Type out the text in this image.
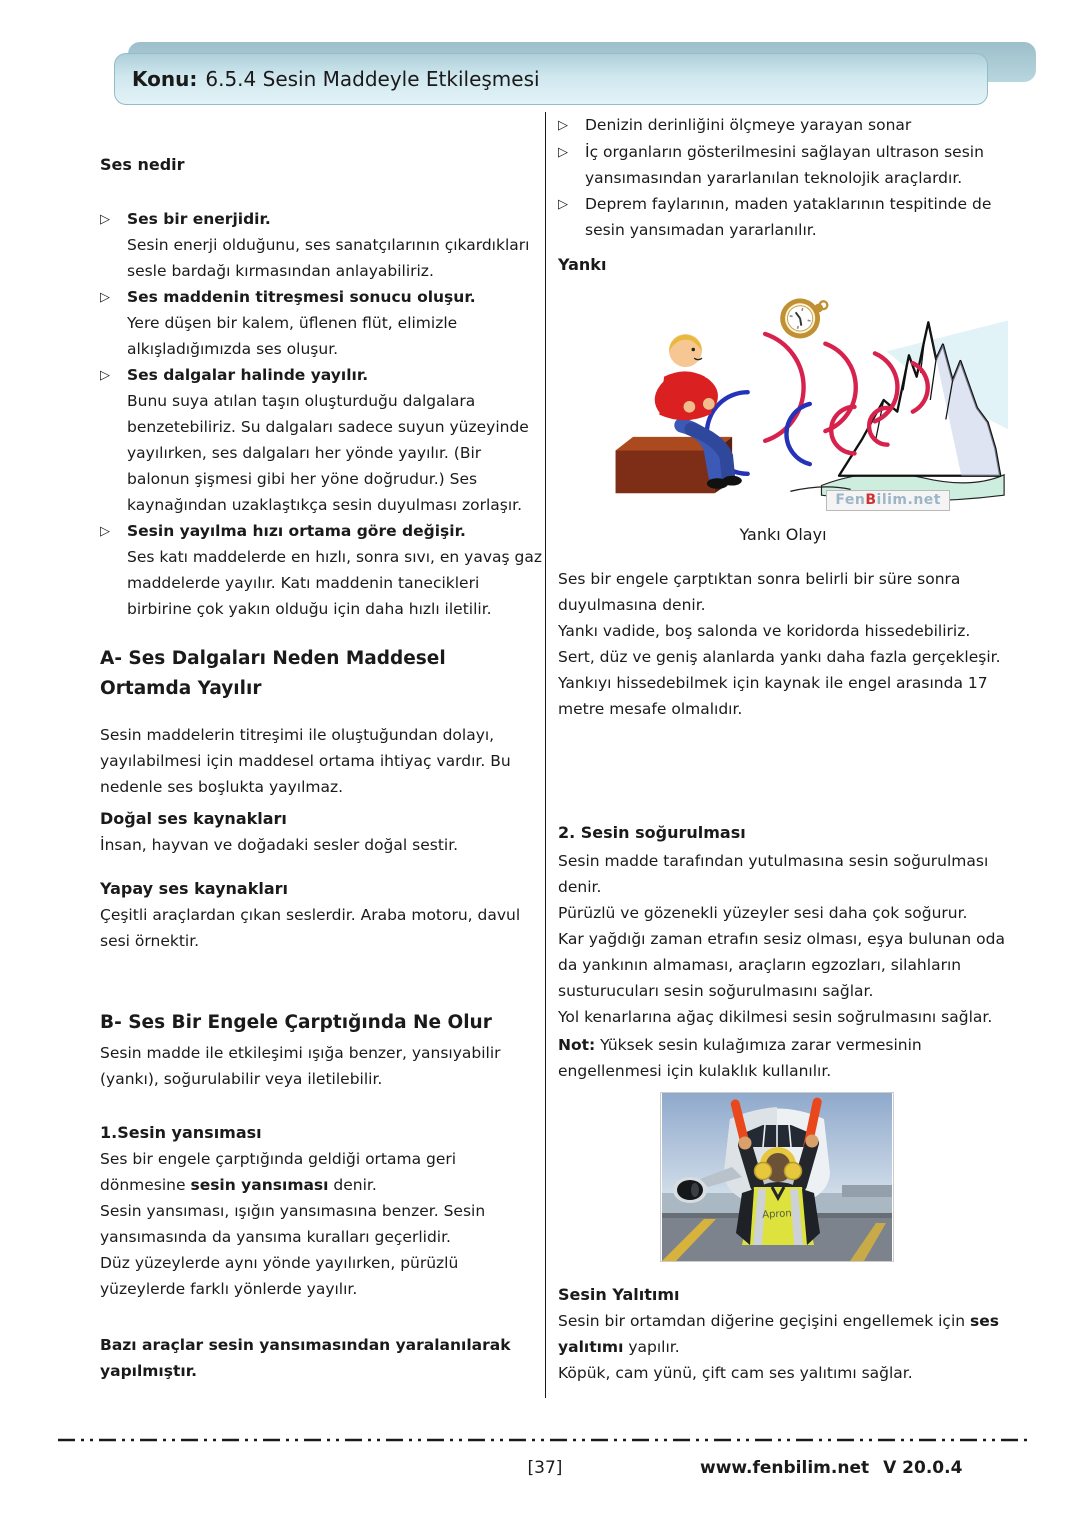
Konu: 6.5.4 Sesin Maddeyle Etkileşmesi
Ses nedir
▷	Ses bir enerjidir.
Sesin enerji olduğunu, ses sanatçılarının çıkardıkları sesle bardağı kırmasından anlayabiliriz.
▷	Ses maddenin titreşmesi sonucu oluşur.
Yere düşen bir kalem, üflenen flüt, elimizle alkışladığımızda ses oluşur.
▷	Ses dalgalar halinde yayılır.
Bunu suya atılan taşın oluşturduğu dalgalara benzetebiliriz. Su dalgaları sadece suyun yüzeyinde yayılırken, ses dalgaları her yönde yayılır. (Bir balonun şişmesi gibi her yöne doğrudur.) Ses kaynağından uzaklaştıkça sesin duyulması zorlaşır.
▷	Sesin yayılma hızı ortama göre değişir.
Ses katı maddelerde en hızlı, sonra sıvı, en yavaş gaz maddelerde yayılır. Katı maddenin tanecikleri birbirine çok yakın olduğu için daha hızlı iletilir.
A- Ses Dalgaları Neden Maddesel Ortamda Yayılır

Sesin maddelerin titreşimi ile oluştuğundan dolayı, yayılabilmesi için maddesel ortama ihtiyaç vardır. Bu nedenle ses boşlukta yayılmaz.

Doğal ses kaynakları

İnsan, hayvan ve doğadaki sesler doğal sestir.

Yapay ses kaynakları

Çeşitli araçlardan çıkan seslerdir. Araba motoru, davul sesi örnektir.

B- Ses Bir Engele Çarptığında Ne Olur

Sesin madde ile etkileşimi ışığa benzer, yansıyabilir (yankı), soğurulabilir veya iletilebilir.

1.Sesin yansıması

Ses bir engele çarptığında geldiği ortama geri dönmesine sesin yansıması denir.

Sesin yansıması, ışığın yansımasına benzer. Sesin yansımasında da yansıma kuralları geçerlidir.

Düz yüzeylerde aynı yönde yayılırken, pürüzlü yüzeylerde farklı yönlerde yayılır.

Bazı araçlar sesin yansımasından yaralanılarak yapılmıştır.

▷	Denizin derinliğini ölçmeye yarayan sonar
▷	İç organların gösterilmesini sağlayan ultrason sesin yansımasından yararlanılan teknolojik araçlardır.
▷	Deprem faylarının, maden yataklarının tespitinde de sesin yansımadan yararlanılır.
Yankı
FenBilim.net
Yankı Olayı

Ses bir engele çarptıktan sonra belirli bir süre sonra duyulmasına denir.

Yankı vadide, boş salonda ve koridorda hissedebiliriz.

Sert, düz ve geniş alanlarda yankı daha fazla gerçekleşir.

Yankıyı hissedebilmek için kaynak ile engel arasında 17 metre mesafe olmalıdır.

2. Sesin soğurulması

Sesin madde tarafından yutulmasına sesin soğurulması denir.

Pürüzlü ve gözenekli yüzeyler sesi daha çok soğurur.

Kar yağdığı zaman etrafın sesiz olması, eşya bulunan oda da yankının almaması, araçların egzozları, silahların susturucuları sesin soğurulmasını sağlar.

Yol kenarlarına ağaç dikilmesi sesin soğrulmasını sağlar.

Not: Yüksek sesin kulağımıza zarar vermesinin engellenmesi için kulaklık kullanılır.

Apron
Sesin Yalıtımı

Sesin bir ortamdan diğerine geçişini engellemek için ses yalıtımı yapılır.

Köpük, cam yünü, çift cam ses yalıtımı sağlar.

[37]	www.fenbilim.net V 20.0.4
